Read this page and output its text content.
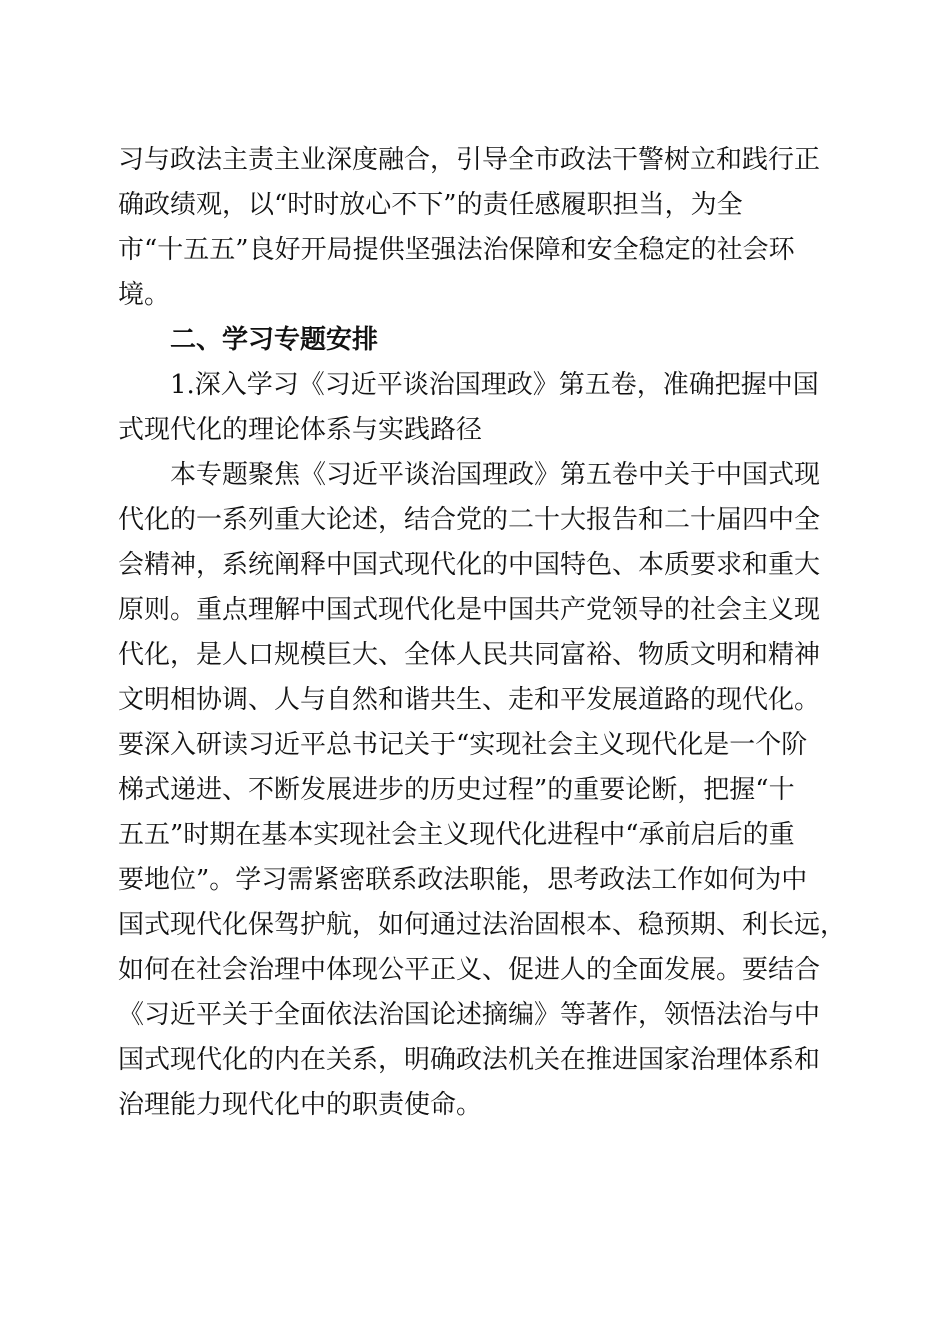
习与政法主责主业深度融合，引导全市政法干警树立和践行正

确政绩观，以“时时放心不下”的责任感履职担当，为全

市“十五五”良好开局提供坚强法治保障和安全稳定的社会环

境。

二、学习专题安排

1.深入学习《习近平谈治国理政》第五卷，准确把握中国

式现代化的理论体系与实践路径

本专题聚焦《习近平谈治国理政》第五卷中关于中国式现

代化的一系列重大论述，结合党的二十大报告和二十届四中全

会精神，系统阐释中国式现代化的中国特色、本质要求和重大

原则。重点理解中国式现代化是中国共产党领导的社会主义现

代化，是人口规模巨大、全体人民共同富裕、物质文明和精神

文明相协调、人与自然和谐共生、走和平发展道路的现代化。

要深入研读习近平总书记关于“实现社会主义现代化是一个阶

梯式递进、不断发展进步的历史过程”的重要论断，把握“十

五五”时期在基本实现社会主义现代化进程中“承前启后的重

要地位”。学习需紧密联系政法职能，思考政法工作如何为中

国式现代化保驾护航，如何通过法治固根本、稳预期、利长远，

如何在社会治理中体现公平正义、促进人的全面发展。要结合

《习近平关于全面依法治国论述摘编》等著作，领悟法治与中

国式现代化的内在关系，明确政法机关在推进国家治理体系和

治理能力现代化中的职责使命。
